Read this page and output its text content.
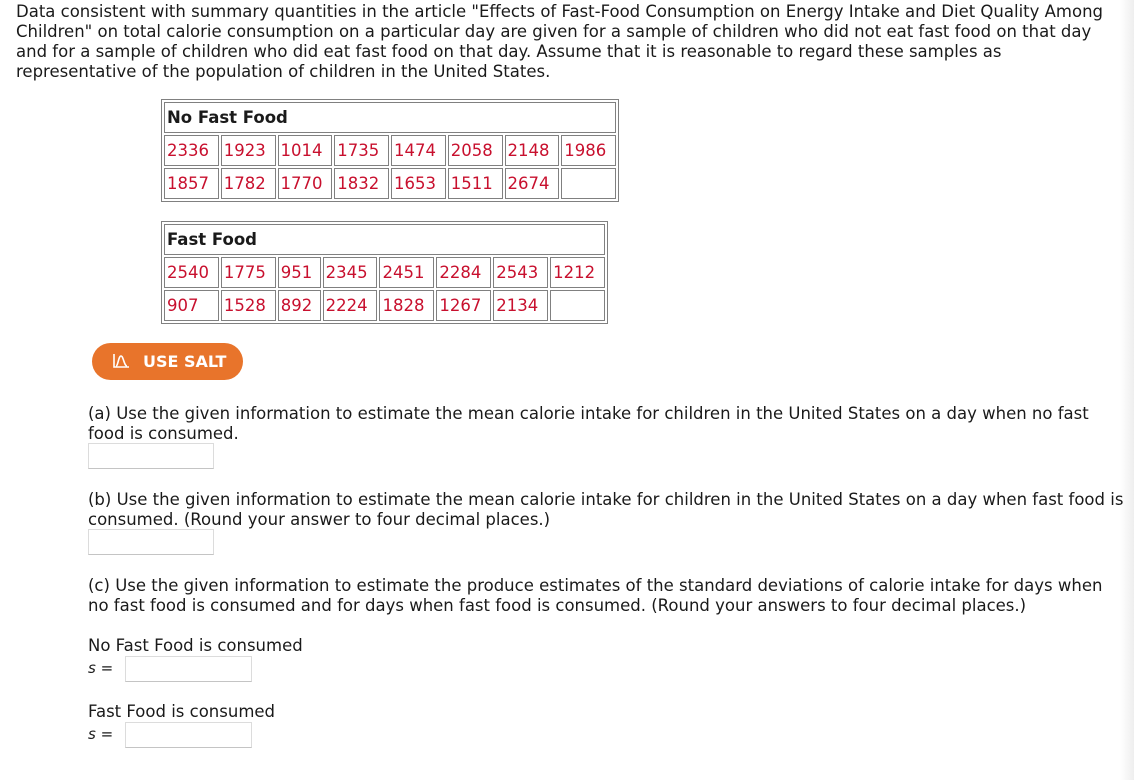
Data consistent with summary quantities in the article "Effects of Fast-Food Consumption on Energy Intake and Diet Quality Among Children" on total calorie consumption on a particular day are given for a sample of children who did not eat fast food on that day and for a sample of children who did eat fast food on that day. Assume that it is reasonable to regard these samples as representative of the population of children in the United States.
No Fast Food							
2336	1923	1014	1735	1474	2058	2148	1986
1857	1782	1770	1832	1653	1511	2674	
Fast Food							
2540	1775	951	2345	2451	2284	2543	1212
907	1528	892	2224	1828	1267	2134	
USE SALT
(a) Use the given information to estimate the mean calorie intake for children in the United States on a day when no fast food is consumed.
(b) Use the given information to estimate the mean calorie intake for children in the United States on a day when fast food is consumed. (Round your answer to four decimal places.)
(c) Use the given information to estimate the produce estimates of the standard deviations of calorie intake for days when no fast food is consumed and for days when fast food is consumed. (Round your answers to four decimal places.)
No Fast Food is consumed
s =
Fast Food is consumed
s =
